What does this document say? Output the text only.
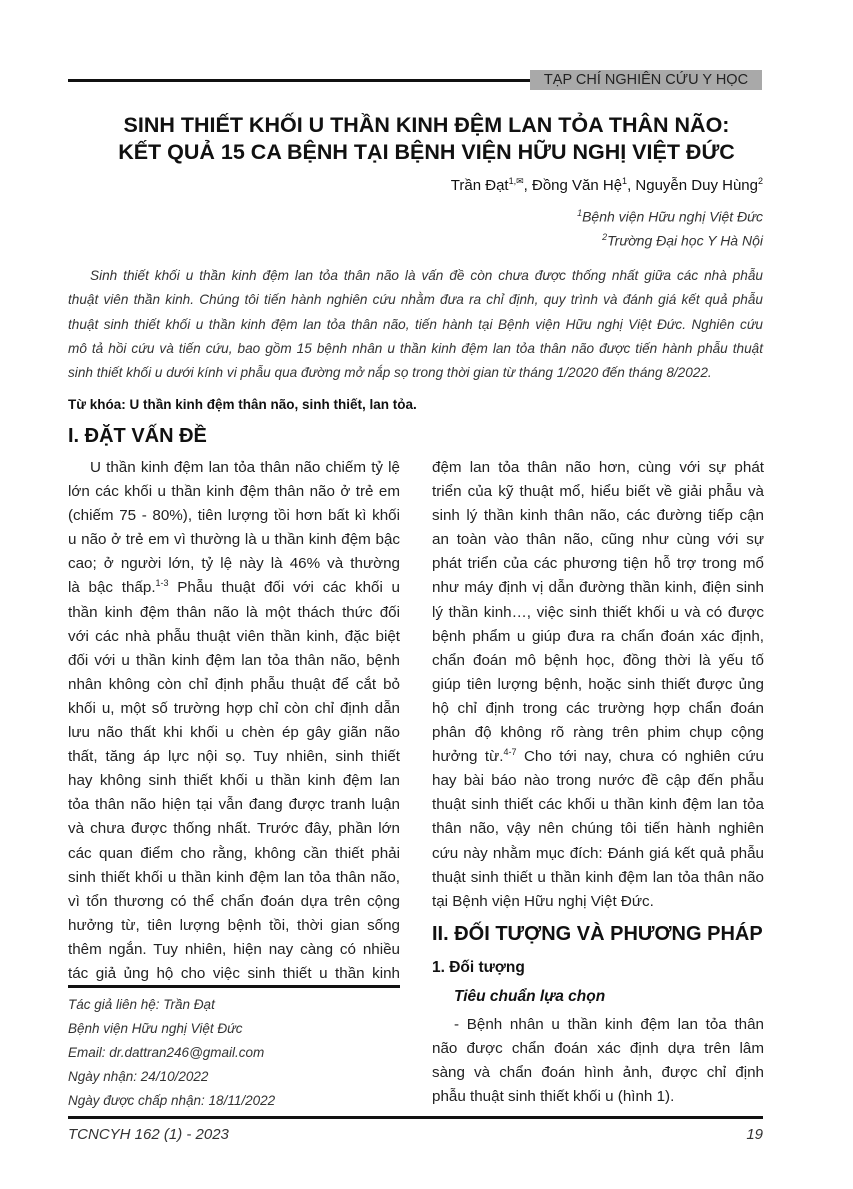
TẠP CHÍ NGHIÊN CỨU Y HỌC
SINH THIẾT KHỐI U THẦN KINH ĐỆM LAN TỎA THÂN NÃO:
KẾT QUẢ 15 CA BỆNH TẠI BỆNH VIỆN HỮU NGHỊ VIỆT ĐỨC
Trần Đạt$^{1,✉}$, Đồng Văn Hệ$^1$, Nguyễn Duy Hùng$^2$
$^1$Bệnh viện Hữu nghị Việt Đức
$^2$Trường Đại học Y Hà Nội
Sinh thiết khối u thần kinh đệm lan tỏa thân não là vấn đề còn chưa được thống nhất giữa các nhà phẫu
thuật viên thần kinh. Chúng tôi tiến hành nghiên cứu nhằm đưa ra chỉ định, quy trình và đánh giá kết quả phẫu
thuật sinh thiết khối u thần kinh đệm lan tỏa thân não, tiến hành tại Bệnh viện Hữu nghị Việt Đức. Nghiên cứu
mô tả hồi cứu và tiến cứu, bao gồm 15 bệnh nhân u thần kinh đệm lan tỏa thân não được tiến hành phẫu thuật
sinh thiết khối u dưới kính vi phẫu qua đường mở nắp sọ trong thời gian từ tháng 1/2020 đến tháng 8/2022.
Từ khóa: U thần kinh đệm thân não, sinh thiết, lan tỏa.
I. ĐẶT VẤN ĐỀ
U thần kinh đệm lan tỏa thân não chiếm tỷ lệ
lớn các khối u thần kinh đệm thân não ở trẻ em
(chiếm 75 - 80%), tiên lượng tồi hơn bất kì khối
u não ở trẻ em vì thường là u thần kinh đệm bậc
cao; ở người lớn, tỷ lệ này là 46% và thường
là bậc thấp.$^{1-3}$ Phẫu thuật đối với các khối u
thần kinh đệm thân não là một thách thức đối
với các nhà phẫu thuật viên thần kinh, đặc biệt
đối với u thần kinh đệm lan tỏa thân não, bệnh
nhân không còn chỉ định phẫu thuật để cắt bỏ
khối u, một số trường hợp chỉ còn chỉ định dẫn
lưu não thất khi khối u chèn ép gây giãn não
thất, tăng áp lực nội sọ. Tuy nhiên, sinh thiết
hay không sinh thiết khối u thần kinh đệm lan
tỏa thân não hiện tại vẫn đang được tranh luận
và chưa được thống nhất. Trước đây, phần lớn
các quan điểm cho rằng, không cần thiết phải
sinh thiết khối u thần kinh đệm lan tỏa thân não,
vì tổn thương có thể chẩn đoán dựa trên cộng
hưởng từ, tiên lượng bệnh tồi, thời gian sống
thêm ngắn. Tuy nhiên, hiện nay càng có nhiều
tác giả ủng hộ cho việc sinh thiết u thần kinh
đệm lan tỏa thân não hơn, cùng với sự phát
triển của kỹ thuật mổ, hiểu biết về giải phẫu và
sinh lý thần kinh thân não, các đường tiếp cận
an toàn vào thân não, cũng như cùng với sự
phát triển của các phương tiện hỗ trợ trong mổ
như máy định vị dẫn đường thần kinh, điện sinh
lý thần kinh…, việc sinh thiết khối u và có được
bệnh phẩm u giúp đưa ra chẩn đoán xác định,
chẩn đoán mô bệnh học, đồng thời là yếu tố
giúp tiên lượng bệnh, hoặc sinh thiết được ủng
hộ chỉ định trong các trường hợp chẩn đoán
phân độ không rõ ràng trên phim chụp cộng
hưởng từ.$^{4-7}$ Cho tới nay, chưa có nghiên cứu
hay bài báo nào trong nước đề cập đến phẫu
thuật sinh thiết các khối u thần kinh đệm lan tỏa
thân não, vậy nên chúng tôi tiến hành nghiên
cứu này nhằm mục đích: Đánh giá kết quả phẫu
thuật sinh thiết u thần kinh đệm lan tỏa thân não
tại Bệnh viện Hữu nghị Việt Đức.
II. ĐỐI TƯỢNG VÀ PHƯƠNG PHÁP
1. Đối tượng
Tiêu chuẩn lựa chọn
- Bệnh nhân u thần kinh đệm lan tỏa thân
não được chẩn đoán xác định dựa trên lâm
sàng và chẩn đoán hình ảnh, được chỉ định
phẫu thuật sinh thiết khối u (hình 1).
Tác giả liên hệ: Trần Đạt
Bệnh viện Hữu nghị Việt Đức
Email: dr.dattran246@gmail.com
Ngày nhận: 24/10/2022
Ngày được chấp nhận: 18/11/2022
TCNCYH 162 (1) - 2023	19
